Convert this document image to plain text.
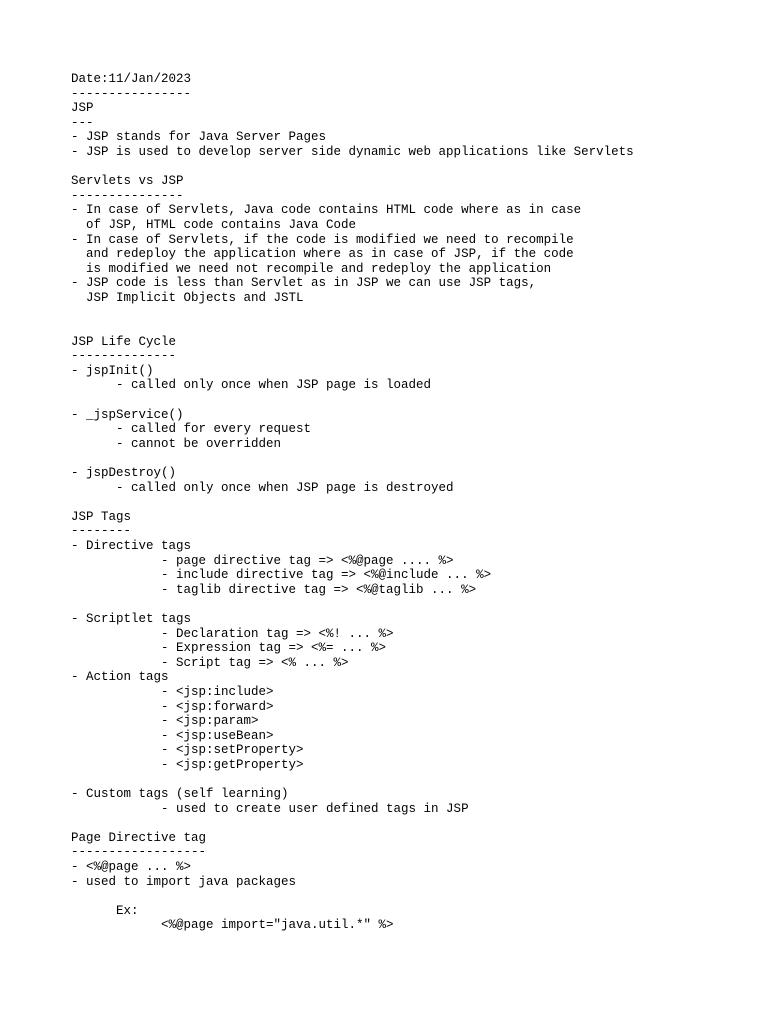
Date:11/Jan/2023
----------------
JSP
---
- JSP stands for Java Server Pages
- JSP is used to develop server side dynamic web applications like Servlets
Servlets vs JSP
---------------
- In case of Servlets, Java code contains HTML code where as in case
of JSP, HTML code contains Java Code
- In case of Servlets, if the code is modified we need to recompile
and redeploy the application where as in case of JSP, if the code
is modified we need not recompile and redeploy the application
- JSP code is less than Servlet as in JSP we can use JSP tags,
JSP Implicit Objects and JSTL
JSP Life Cycle
--------------
- jspInit()
- called only once when JSP page is loaded
- _jspService()
- called for every request
- cannot be overridden
- jspDestroy()
- called only once when JSP page is destroyed
JSP Tags
--------
- Directive tags
- page directive tag => <%@page .... %>
- include directive tag => <%@include ... %>
- taglib directive tag => <%@taglib ... %>
- Scriptlet tags
- Declaration tag => <%! ... %>
- Expression tag => <%= ... %>
- Script tag => <% ... %>
- Action tags
- <jsp:include>
- <jsp:forward>
- <jsp:param>
- <jsp:useBean>
- <jsp:setProperty>
- <jsp:getProperty>
- Custom tags (self learning)
- used to create user defined tags in JSP
Page Directive tag
------------------
- <%@page ... %>
- used to import java packages
Ex:
<%@page import="java.util.*" %>
